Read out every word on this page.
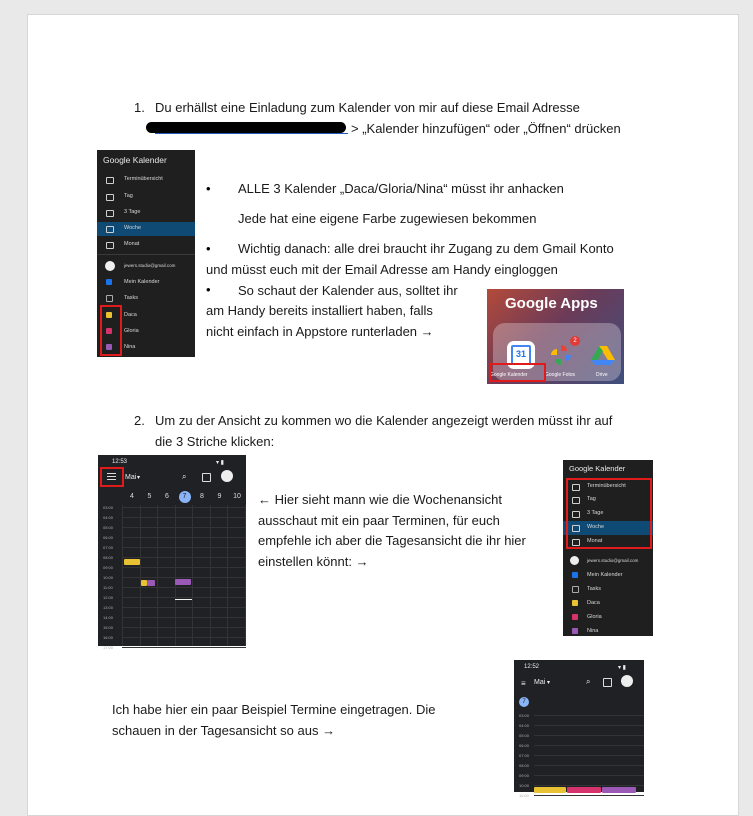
1. Du erhällst eine Einladung zum Kalender von mir auf diese Email Adresse
> „Kalender hinzufügen“ oder „Öffnen“ drücken
Google Kalender
Terminübersicht
Tag
3 Tage
Woche
Monat
jewers.studio@gmail.com
Mein Kalender
Tasks
Daca
Gloria
Nina
• ALLE 3 Kalender „Daca/Gloria/Nina“ müsst ihr anhacken
Jede hat eine eigene Farbe zugewiesen bekommen
• Wichtig danach: alle drei braucht ihr Zugang zu dem Gmail Konto
und müsst euch mit der Email Adresse am Handy eingloggen
• So schaut der Kalender aus, solltet ihr
am Handy bereits installiert haben, falls
nicht einfach in Appstore runterladen →
Google Apps
31
2
Google Kalender	Google Fotos	Drive
2. Um zu der Ansicht zu kommen wo die Kalender angezeigt werden müsst ihr auf
die 3 Striche klicken:
12:53	▾ ▮
Mai ▾	⌕
4	5	6	7	8	9	10
03:00
04:00
05:00
06:00
07:00
08:00
09:00
10:00
11:00
12:00
13:00
14:00
15:00
16:00
17:00
← Hier sieht mann wie die Wochenansicht
ausschaut mit ein paar Terminen, für euch
empfehle ich aber die Tagesansicht die ihr hier
einstellen könnt: →
Google Kalender
Terminübersicht
Tag
3 Tage
Woche
Monat
jewers.studio@gmail.com
Mein Kalender
Tasks
Daca
Gloria
Nina
Ich habe hier ein paar Beispiel Termine eingetragen. Die
schauen in der Tagesansicht so aus →
12:52	▾ ▮
≡ Mai ▾	⌕
7
03:00
04:00
05:00
06:00
07:00
08:00
09:00
10:00
11:00
